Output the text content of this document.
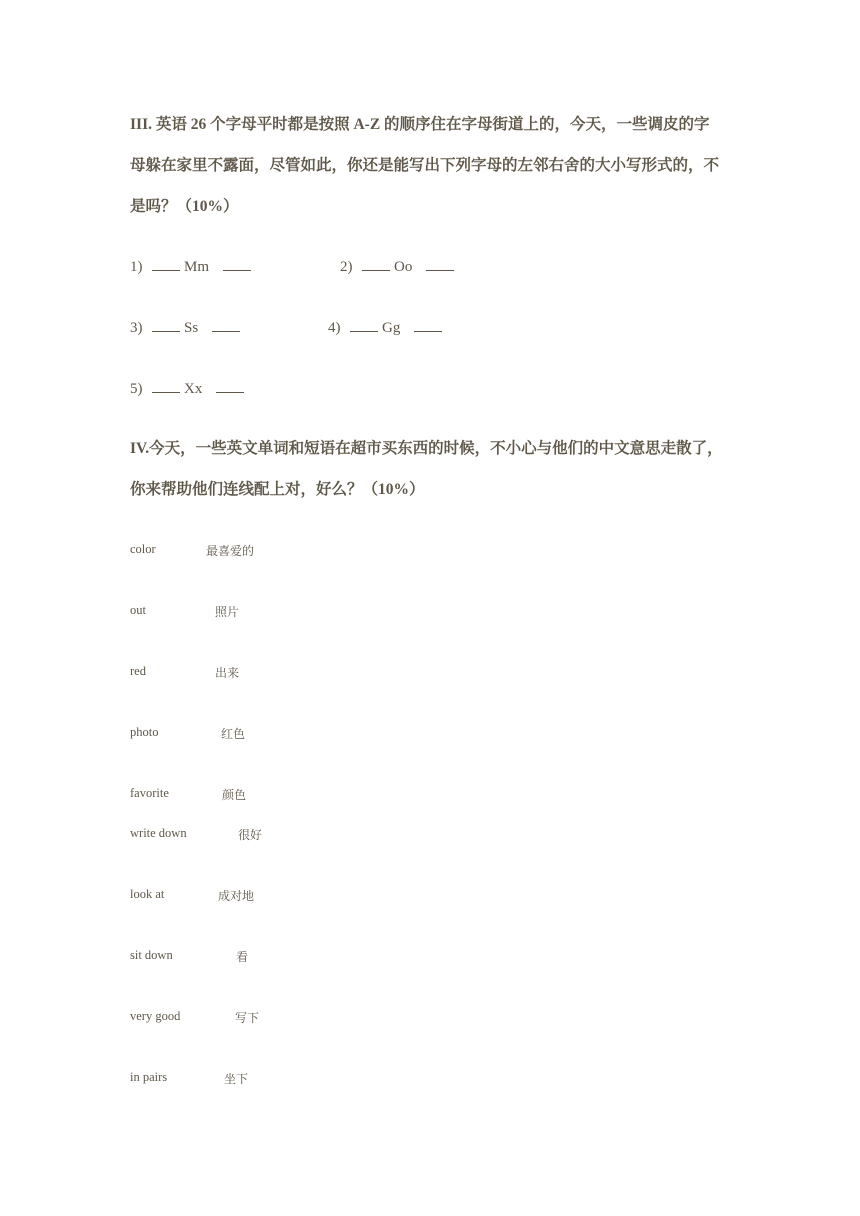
III. 英语 26 个字母平时都是按照 A-Z 的顺序住在字母街道上的，今天，一些调皮的字
母躲在家里不露面，尽管如此，你还是能写出下列字母的左邻右舍的大小写形式的，不
是吗？（10%）
1)	Mm	2)	Oo
3)	Ss	4)	Gg
5)	Xx
IV.今天，一些英文单词和短语在超市买东西的时候，不小心与他们的中文意思走散了，
你来帮助他们连线配上对，好么？（10%）
color	最喜爱的
out	照片
red	出来
photo	红色
favorite	颜色
write down	很好
look at	成对地
sit down	看
very good	写下
in pairs	坐下
